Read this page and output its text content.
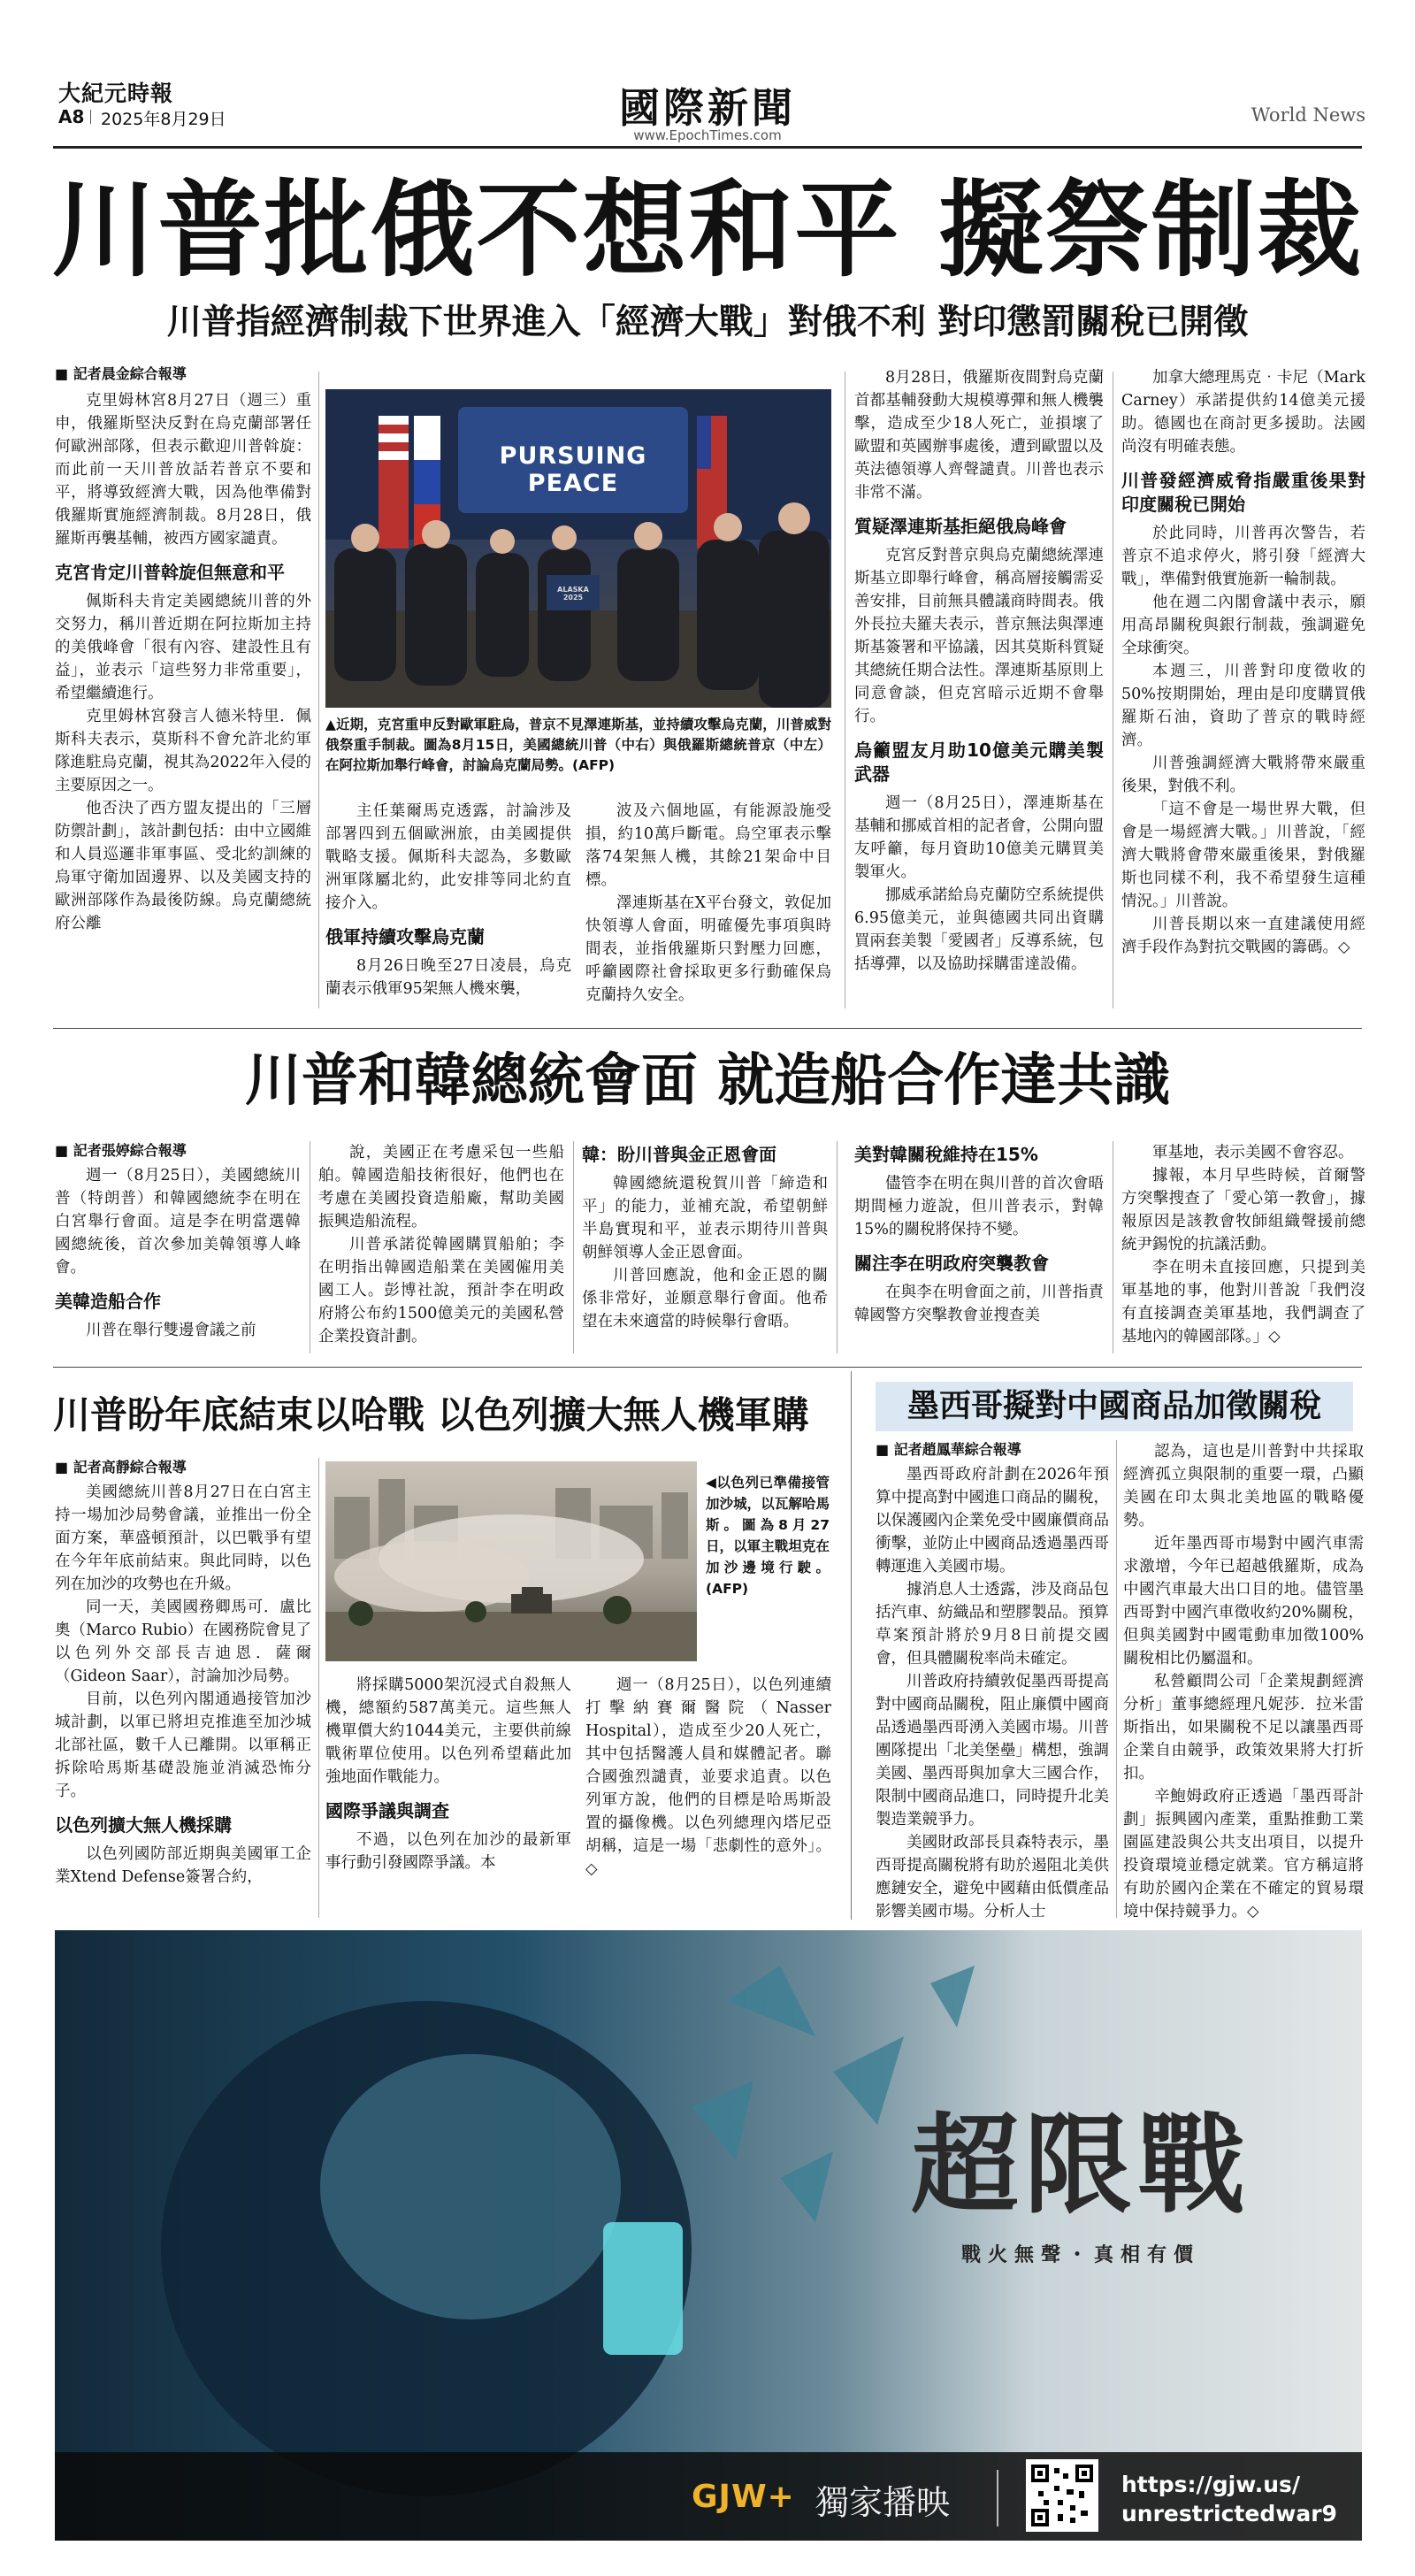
大紀元時報
A8 2025年8月29日	國際新聞
www.EpochTimes.com
World News
川普批俄不想和平 擬祭制裁
川普指經濟制裁下世界進入「經濟大戰」對俄不利 對印懲罰關稅已開徵
■ 記者晨金綜合報導

克里姆林宮8月27日（週三）重申，俄羅斯堅決反對在烏克蘭部署任何歐洲部隊，但表示歡迎川普斡旋：而此前一天川普放話若普京不要和平，將導致經濟大戰，因為他準備對俄羅斯實施經濟制裁。8月28日，俄羅斯再襲基輔，被西方國家譴責。

克宮肯定川普斡旋但無意和平

佩斯科夫肯定美國總統川普的外交努力，稱川普近期在阿拉斯加主持的美俄峰會「很有內容、建設性且有益」，並表示「這些努力非常重要」，希望繼續進行。

克里姆林宮發言人德米特里．佩斯科夫表示，莫斯科不會允許北約軍隊進駐烏克蘭，視其為2022年入侵的主要原因之一。

他否決了西方盟友提出的「三層防禦計劃」，該計劃包括：由中立國維和人員巡邏非軍事區、受北約訓練的烏軍守衛加固邊界、以及美國支持的歐洲部隊作為最後防線。烏克蘭總統府公離

PURSUING PEACE
ALASKA 2025
▲近期，克宮重申反對歐軍駐烏，普京不見澤連斯基，並持續攻擊烏克蘭，川普威對俄祭重手制裁。圖為8月15日，美國總統川普（中右）與俄羅斯總統普京（中左）在阿拉斯加舉行峰會，討論烏克蘭局勢。(AFP)

主任葉爾馬克透露，討論涉及部署四到五個歐洲旅，由美國提供戰略支援。佩斯科夫認為，多數歐洲軍隊屬北約，此安排等同北約直接介入。

俄軍持續攻擊烏克蘭

8月26日晚至27日凌晨，烏克蘭表示俄軍95架無人機來襲，

波及六個地區，有能源設施受損，約10萬戶斷電。烏空軍表示擊落74架無人機，其餘21架命中目標。

澤連斯基在X平台發文，敦促加快領導人會面，明確優先事項與時間表，並指俄羅斯只對壓力回應，呼籲國際社會採取更多行動確保烏克蘭持久安全。

8月28日，俄羅斯夜間對烏克蘭首都基輔發動大規模導彈和無人機襲擊，造成至少18人死亡，並損壞了歐盟和英國辦事處後，遭到歐盟以及英法德領導人齊聲譴責。川普也表示非常不滿。

質疑澤連斯基拒絕俄烏峰會

克宮反對普京與烏克蘭總統澤連斯基立即舉行峰會，稱高層接觸需妥善安排，目前無具體議商時間表。俄外長拉夫羅夫表示，普京無法與澤連斯基簽署和平協議，因其莫斯科質疑其總統任期合法性。澤連斯基原則上同意會談，但克宮暗示近期不會舉行。

烏籲盟友月助10億美元購美製武器

週一（8月25日），澤連斯基在基輔和挪威首相的記者會，公開向盟友呼籲，每月資助10億美元購買美製軍火。

挪威承諾給烏克蘭防空系統提供6.95億美元，並與德國共同出資購買兩套美製「愛國者」反導系統，包括導彈，以及協助採購雷達設備。

加拿大總理馬克‧卡尼（Mark Carney）承諾提供約14億美元援助。德國也在商討更多援助。法國尚沒有明確表態。

川普發經濟威脅指嚴重後果對印度關稅已開始

於此同時，川普再次警告，若普京不追求停火，將引發「經濟大戰」，準備對俄實施新一輪制裁。

他在週二內閣會議中表示，願用高昂關稅與銀行制裁，強調避免全球衝突。

本週三，川普對印度徵收的50%按期開始，理由是印度購買俄羅斯石油，資助了普京的戰時經濟。

川普強調經濟大戰將帶來嚴重後果，對俄不利。

「這不會是一場世界大戰，但會是一場經濟大戰。」川普說，「經濟大戰將會帶來嚴重後果，對俄羅斯也同樣不利，我不希望發生這種情況。」川普說。

川普長期以來一直建議使用經濟手段作為對抗交戰國的籌碼。◇

川普和韓總統會面 就造船合作達共識
■ 記者張婷綜合報導

週一（8月25日），美國總統川普（特朗普）和韓國總統李在明在白宮舉行會面。這是李在明當選韓國總統後，首次參加美韓領導人峰會。

美韓造船合作

川普在舉行雙邊會議之前

說，美國正在考慮采包一些船舶。韓國造船技術很好，他們也在考慮在美國投資造船廠，幫助美國振興造船流程。

川普承諾從韓國購買船舶；李在明指出韓國造船業在美國僱用美國工人。彭博社說，預計李在明政府將公布約1500億美元的美國私營企業投資計劃。

韓：盼川普與金正恩會面

韓國總統還稅賀川普「締造和平」的能力，並補充說，希望朝鮮半島實現和平，並表示期待川普與朝鮮領導人金正恩會面。

川普回應說，他和金正恩的關係非常好，並願意舉行會面。他希望在未來適當的時候舉行會晤。

美對韓關稅維持在15%

儘管李在明在與川普的首次會晤期間極力遊說，但川普表示，對韓15%的關稅將保持不變。

關注李在明政府突襲教會

在與李在明會面之前，川普指責韓國警方突擊教會並搜查美

軍基地，表示美國不會容忍。

據報，本月早些時候，首爾警方突擊搜查了「愛心第一教會」，據報原因是該教會牧師組織聲援前總統尹錫悅的抗議活動。

李在明未直接回應，只提到美軍基地的事，他對川普說「我們沒有直接調查美軍基地，我們調查了基地內的韓國部隊。」◇

川普盼年底結束以哈戰 以色列擴大無人機軍購
■ 記者高靜綜合報導

美國總統川普8月27日在白宮主持一場加沙局勢會議，並推出一份全面方案，華盛頓預計，以巴戰爭有望在今年年底前結束。與此同時，以色列在加沙的攻勢也在升級。

同一天，美國國務卿馬可．盧比奧（Marco Rubio）在國務院會見了以色列外交部長吉迪恩．薩爾（Gideon Saar），討論加沙局勢。

目前，以色列內閣通過接管加沙城計劃，以軍已將坦克推進至加沙城北部社區，數千人已離開。以軍稱正拆除哈馬斯基礎設施並消滅恐怖分子。

以色列擴大無人機採購

以色列國防部近期與美國軍工企業Xtend Defense簽署合約，

◀以色列已準備接管加沙城，以瓦解哈馬斯。圖為8月27日，以軍主戰坦克在加沙邊境行駛。(AFP)

將採購5000架沉浸式自殺無人機，總額約587萬美元。這些無人機單價大約1044美元，主要供前線戰術單位使用。以色列希望藉此加強地面作戰能力。

國際爭議與調查

不過，以色列在加沙的最新軍事行動引發國際爭議。本

週一（8月25日），以色列連續打擊納賽爾醫院（Nasser Hospital），造成至少20人死亡，其中包括醫護人員和媒體記者。聯合國強烈譴責，並要求追責。以色列軍方說，他們的目標是哈馬斯設置的攝像機。以色列總理內塔尼亞胡稱，這是一場「悲劇性的意外」。◇

墨西哥擬對中國商品加徵關稅
■ 記者趙鳳華綜合報導

墨西哥政府計劃在2026年預算中提高對中國進口商品的關稅，以保護國內企業免受中國廉價商品衝擊，並防止中國商品透過墨西哥轉運進入美國市場。

據消息人士透露，涉及商品包括汽車、紡織品和塑膠製品。預算草案預計將於9月8日前提交國會，但具體關稅率尚未確定。

川普政府持續敦促墨西哥提高對中國商品關稅，阻止廉價中國商品透過墨西哥湧入美國市場。川普團隊提出「北美堡壘」構想，強調美國、墨西哥與加拿大三國合作，限制中國商品進口，同時提升北美製造業競爭力。

美國財政部長貝森特表示，墨西哥提高關稅將有助於遏阻北美供應鏈安全，避免中國藉由低價產品影響美國市場。分析人士

認為，這也是川普對中共採取經濟孤立與限制的重要一環，凸顯美國在印太與北美地區的戰略優勢。

近年墨西哥市場對中國汽車需求激增，今年已超越俄羅斯，成為中國汽車最大出口目的地。儘管墨西哥對中國汽車徵收約20%關稅，但與美國對中國電動車加徵100%關稅相比仍屬溫和。

私營顧問公司「企業規劃經濟分析」董事總經理凡妮莎．拉米雷斯指出，如果關稅不足以讓墨西哥企業自由競爭，政策效果將大打折扣。

辛鮑姆政府正透過「墨西哥計劃」振興國內產業，重點推動工業園區建設與公共支出項目，以提升投資環境並穩定就業。官方稱這將有助於國內企業在不確定的貿易環境中保持競爭力。◇

超限戰
戰火無聲・真相有價
GJW+ 獨家播映	https://gjw.us/
unrestrictedwar9
